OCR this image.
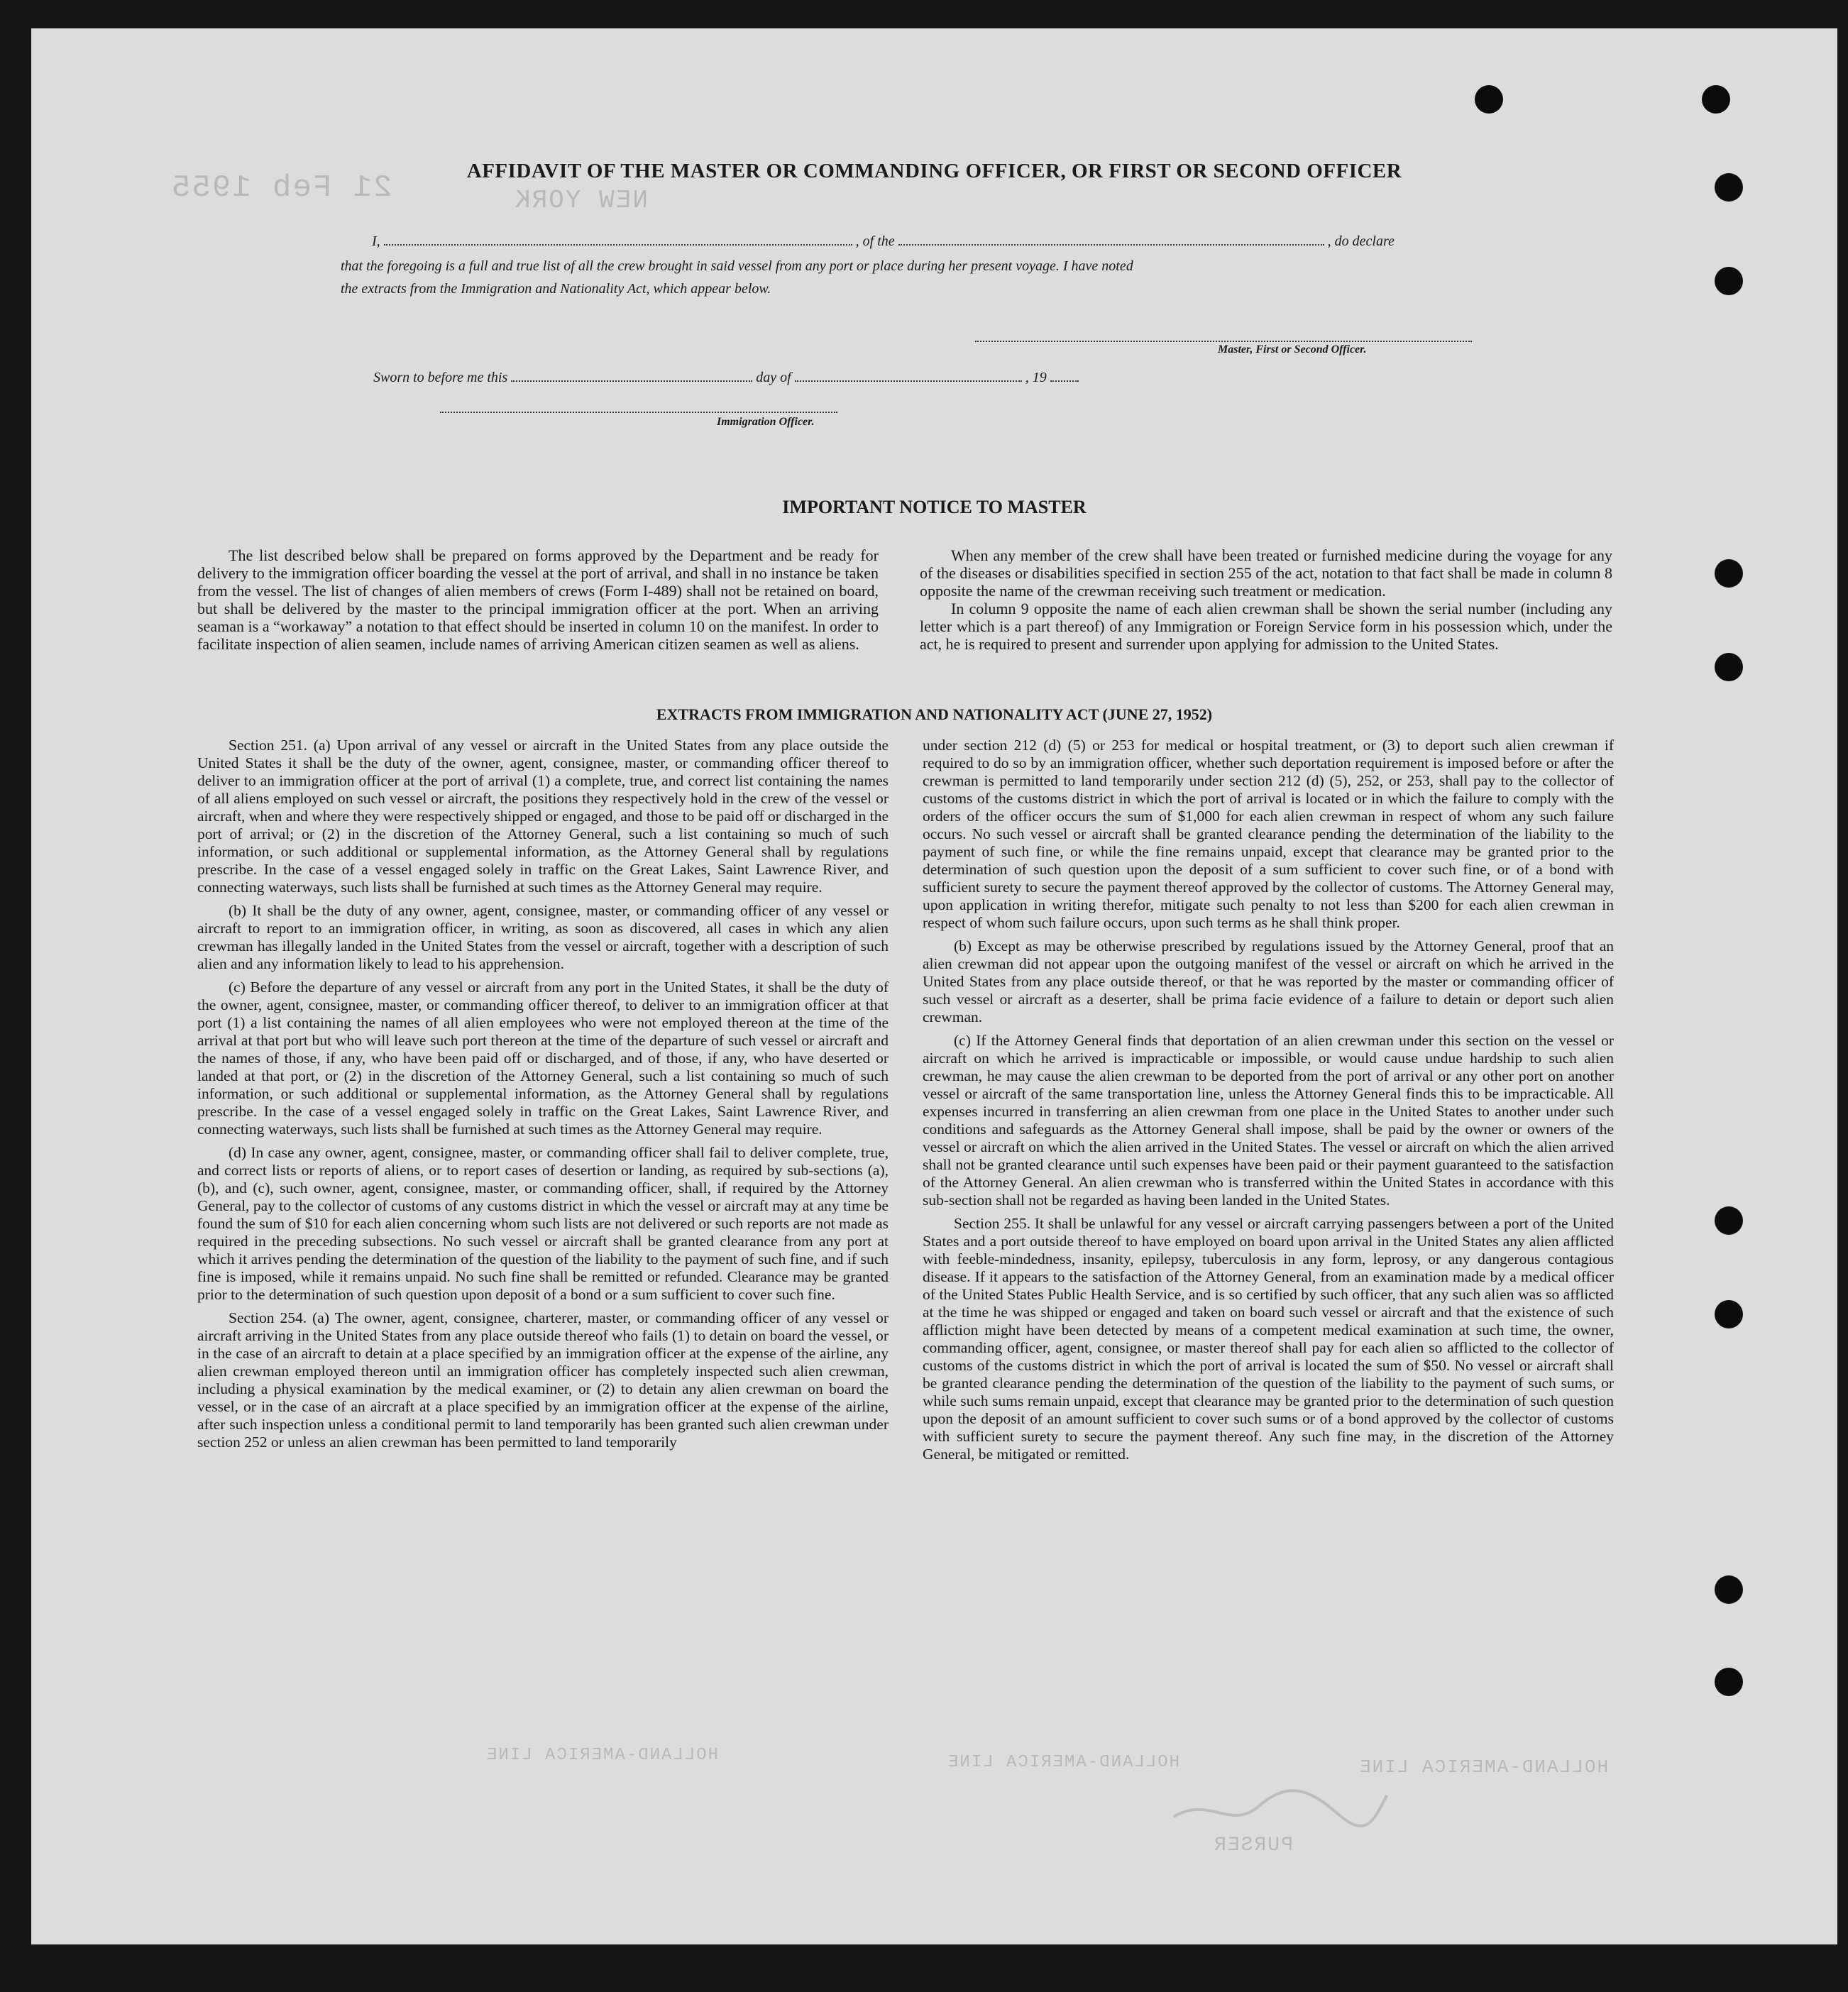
21 Feb 1955	NEW YORK
HOLLAND-AMERICA LINE	HOLLAND-AMERICA LINE	HOLLAND-AMERICA LINE
PURSER
AFFIDAVIT OF THE MASTER OR COMMANDING OFFICER, OR FIRST OR SECOND OFFICER
I,	, of the	, do declare
that the foregoing is a full and true list of all the crew brought in said vessel from any port or place during her present voyage. I have noted
the extracts from the Immigration and Nationality Act, which appear below.
Master, First or Second Officer.
Sworn to before me this	day of	, 19
Immigration Officer.
IMPORTANT NOTICE TO MASTER

The list described below shall be prepared on forms approved by the Department and be ready for delivery to the immigration officer boarding the vessel at the port of arrival, and shall in no instance be taken from the vessel. The list of changes of alien members of crews (Form I-489) shall not be retained on board, but shall be delivered by the master to the principal immigration officer at the port. When an arriving seaman is a “workaway” a notation to that effect should be inserted in column 10 on the manifest. In order to facilitate inspection of alien seamen, include names of arriving American citizen seamen as well as aliens.

When any member of the crew shall have been treated or furnished medicine during the voyage for any of the diseases or disabilities specified in section 255 of the act, notation to that fact shall be made in column 8 opposite the name of the crewman receiving such treatment or medication.

In column 9 opposite the name of each alien crewman shall be shown the serial number (including any letter which is a part thereof) of any Immigration or Foreign Service form in his possession which, under the act, he is required to present and surrender upon applying for admission to the United States.

EXTRACTS FROM IMMIGRATION AND NATIONALITY ACT (JUNE 27, 1952)

Section 251. (a) Upon arrival of any vessel or aircraft in the United States from any place outside the United States it shall be the duty of the owner, agent, consignee, master, or commanding officer thereof to deliver to an immigration officer at the port of arrival (1) a complete, true, and correct list containing the names of all aliens employed on such vessel or aircraft, the positions they respectively hold in the crew of the vessel or aircraft, when and where they were respectively shipped or engaged, and those to be paid off or discharged in the port of arrival; or (2) in the discretion of the Attorney General, such a list containing so much of such information, or such additional or supplemental information, as the Attorney General shall by regulations prescribe. In the case of a vessel engaged solely in traffic on the Great Lakes, Saint Lawrence River, and connecting waterways, such lists shall be furnished at such times as the Attorney General may require.

(b) It shall be the duty of any owner, agent, consignee, master, or commanding officer of any vessel or aircraft to report to an immigration officer, in writing, as soon as discovered, all cases in which any alien crewman has illegally landed in the United States from the vessel or aircraft, together with a description of such alien and any information likely to lead to his apprehension.

(c) Before the departure of any vessel or aircraft from any port in the United States, it shall be the duty of the owner, agent, consignee, master, or commanding officer thereof, to deliver to an immigration officer at that port (1) a list containing the names of all alien employees who were not employed thereon at the time of the arrival at that port but who will leave such port thereon at the time of the departure of such vessel or aircraft and the names of those, if any, who have been paid off or discharged, and of those, if any, who have deserted or landed at that port, or (2) in the discretion of the Attorney General, such a list containing so much of such information, or such additional or supplemental information, as the Attorney General shall by regulations prescribe. In the case of a vessel engaged solely in traffic on the Great Lakes, Saint Lawrence River, and connecting waterways, such lists shall be furnished at such times as the Attorney General may require.

(d) In case any owner, agent, consignee, master, or commanding officer shall fail to deliver complete, true, and correct lists or reports of aliens, or to report cases of desertion or landing, as required by sub-sections (a), (b), and (c), such owner, agent, consignee, master, or commanding officer, shall, if required by the Attorney General, pay to the collector of customs of any customs district in which the vessel or aircraft may at any time be found the sum of $10 for each alien concerning whom such lists are not delivered or such reports are not made as required in the preceding subsections. No such vessel or aircraft shall be granted clearance from any port at which it arrives pending the determination of the question of the liability to the payment of such fine, and if such fine is imposed, while it remains unpaid. No such fine shall be remitted or refunded. Clearance may be granted prior to the determination of such question upon deposit of a bond or a sum sufficient to cover such fine.

Section 254. (a) The owner, agent, consignee, charterer, master, or commanding officer of any vessel or aircraft arriving in the United States from any place outside thereof who fails (1) to detain on board the vessel, or in the case of an aircraft to detain at a place specified by an immigration officer at the expense of the airline, any alien crewman employed thereon until an immigration officer has completely inspected such alien crewman, including a physical examination by the medical examiner, or (2) to detain any alien crewman on board the vessel, or in the case of an aircraft at a place specified by an immigration officer at the expense of the airline, after such inspection unless a conditional permit to land temporarily has been granted such alien crewman under section 252 or unless an alien crewman has been permitted to land temporarily

under section 212 (d) (5) or 253 for medical or hospital treatment, or (3) to deport such alien crewman if required to do so by an immigration officer, whether such deportation requirement is imposed before or after the crewman is permitted to land temporarily under section 212 (d) (5), 252, or 253, shall pay to the collector of customs of the customs district in which the port of arrival is located or in which the failure to comply with the orders of the officer occurs the sum of $1,000 for each alien crewman in respect of whom any such failure occurs. No such vessel or aircraft shall be granted clearance pending the determination of the liability to the payment of such fine, or while the fine remains unpaid, except that clearance may be granted prior to the determination of such question upon the deposit of a sum sufficient to cover such fine, or of a bond with sufficient surety to secure the payment thereof approved by the collector of customs. The Attorney General may, upon application in writing therefor, mitigate such penalty to not less than $200 for each alien crewman in respect of whom such failure occurs, upon such terms as he shall think proper.

(b) Except as may be otherwise prescribed by regulations issued by the Attorney General, proof that an alien crewman did not appear upon the outgoing manifest of the vessel or aircraft on which he arrived in the United States from any place outside thereof, or that he was reported by the master or commanding officer of such vessel or aircraft as a deserter, shall be prima facie evidence of a failure to detain or deport such alien crewman.

(c) If the Attorney General finds that deportation of an alien crewman under this section on the vessel or aircraft on which he arrived is impracticable or impossible, or would cause undue hardship to such alien crewman, he may cause the alien crewman to be deported from the port of arrival or any other port on another vessel or aircraft of the same transportation line, unless the Attorney General finds this to be impracticable. All expenses incurred in transferring an alien crewman from one place in the United States to another under such conditions and safeguards as the Attorney General shall impose, shall be paid by the owner or owners of the vessel or aircraft on which the alien arrived in the United States. The vessel or aircraft on which the alien arrived shall not be granted clearance until such expenses have been paid or their payment guaranteed to the satisfaction of the Attorney General. An alien crewman who is transferred within the United States in accordance with this sub-section shall not be regarded as having been landed in the United States.

Section 255. It shall be unlawful for any vessel or aircraft carrying passengers between a port of the United States and a port outside thereof to have employed on board upon arrival in the United States any alien afflicted with feeble-mindedness, insanity, epilepsy, tuberculosis in any form, leprosy, or any dangerous contagious disease. If it appears to the satisfaction of the Attorney General, from an examination made by a medical officer of the United States Public Health Service, and is so certified by such officer, that any such alien was so afflicted at the time he was shipped or engaged and taken on board such vessel or aircraft and that the existence of such affliction might have been detected by means of a competent medical examination at such time, the owner, commanding officer, agent, consignee, or master thereof shall pay for each alien so afflicted to the collector of customs of the customs district in which the port of arrival is located the sum of $50. No vessel or aircraft shall be granted clearance pending the determination of the question of the liability to the payment of such sums, or while such sums remain unpaid, except that clearance may be granted prior to the determination of such question upon the deposit of an amount sufficient to cover such sums or of a bond approved by the collector of customs with sufficient surety to secure the payment thereof. Any such fine may, in the discretion of the Attorney General, be mitigated or remitted.
